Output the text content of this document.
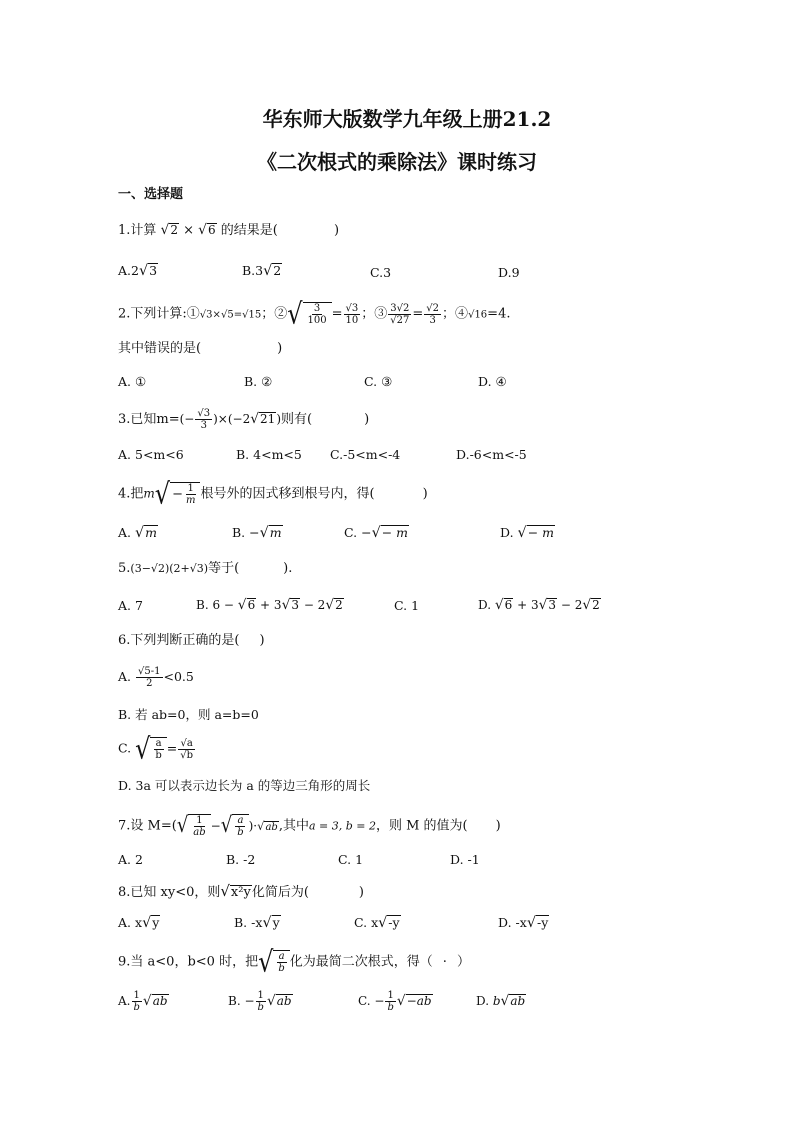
华东师大版数学九年级上册21.2
《二次根式的乘除法》课时练习
一、选择题
1.计算 √2 × √6 的结果是(	)
A.2√3	B.3√2	C.3	D.9
2.下列计算:①√3×√5=√15；② √ $\frac{3}{100} = \frac{√3}{10}$ ；③ $\frac{3√2}{√27} = \frac{√2}{3}$ ；④√16=4.
其中错误的是(	)
A. ①	B. ②	C. ③	D. ④
3.已知$m=(- \frac{√3}{3} )\times(-2√21)$则有(	)
A. 5<m<6	B. 4<m<5 C.-5<m<-4	D.-6<m<-5
4.把m √ − $\frac{1}{m}$ 根号外的因式移到根号内，得(	)
A. √m	B. −√m	C. −√− m	D. √− m
5.(3−√2)(2+√3)等于(	).
A. 7	B. 6 − √6 + 3√3 − 2√2	C. 1	D. √6 + 3√3 − 2√2
6.下列判断正确的是( )
A. $\frac{√5-1}{2} <0.5$
B. 若 ab=0，则 a=b=0
C. √ $\frac{a}{b} = \frac{√a}{√b}$
D. 3a 可以表示边长为 a 的等边三角形的周长
7.设 M=( √ $\frac{1}{ab}$ − √ $\frac{a}{b} )\cdot√ab$,其中a = 3, b = 2，则 M 的值为( )
A. 2	B. -2	C. 1	D. -1
8.已知 xy<0，则√x²y化简后为(	)
A. x√y	B. -x√y	C. x√-y	D. -x√-y
9.当 a<0，b<0 时，把 √ $\frac{a}{b}$ 化为最简二次根式，得（ · ）
A. $\frac{1}{b} √ab$	B. − $\frac{1}{b} √ab$	C. − $\frac{1}{b} √-ab$	D. b√ab
